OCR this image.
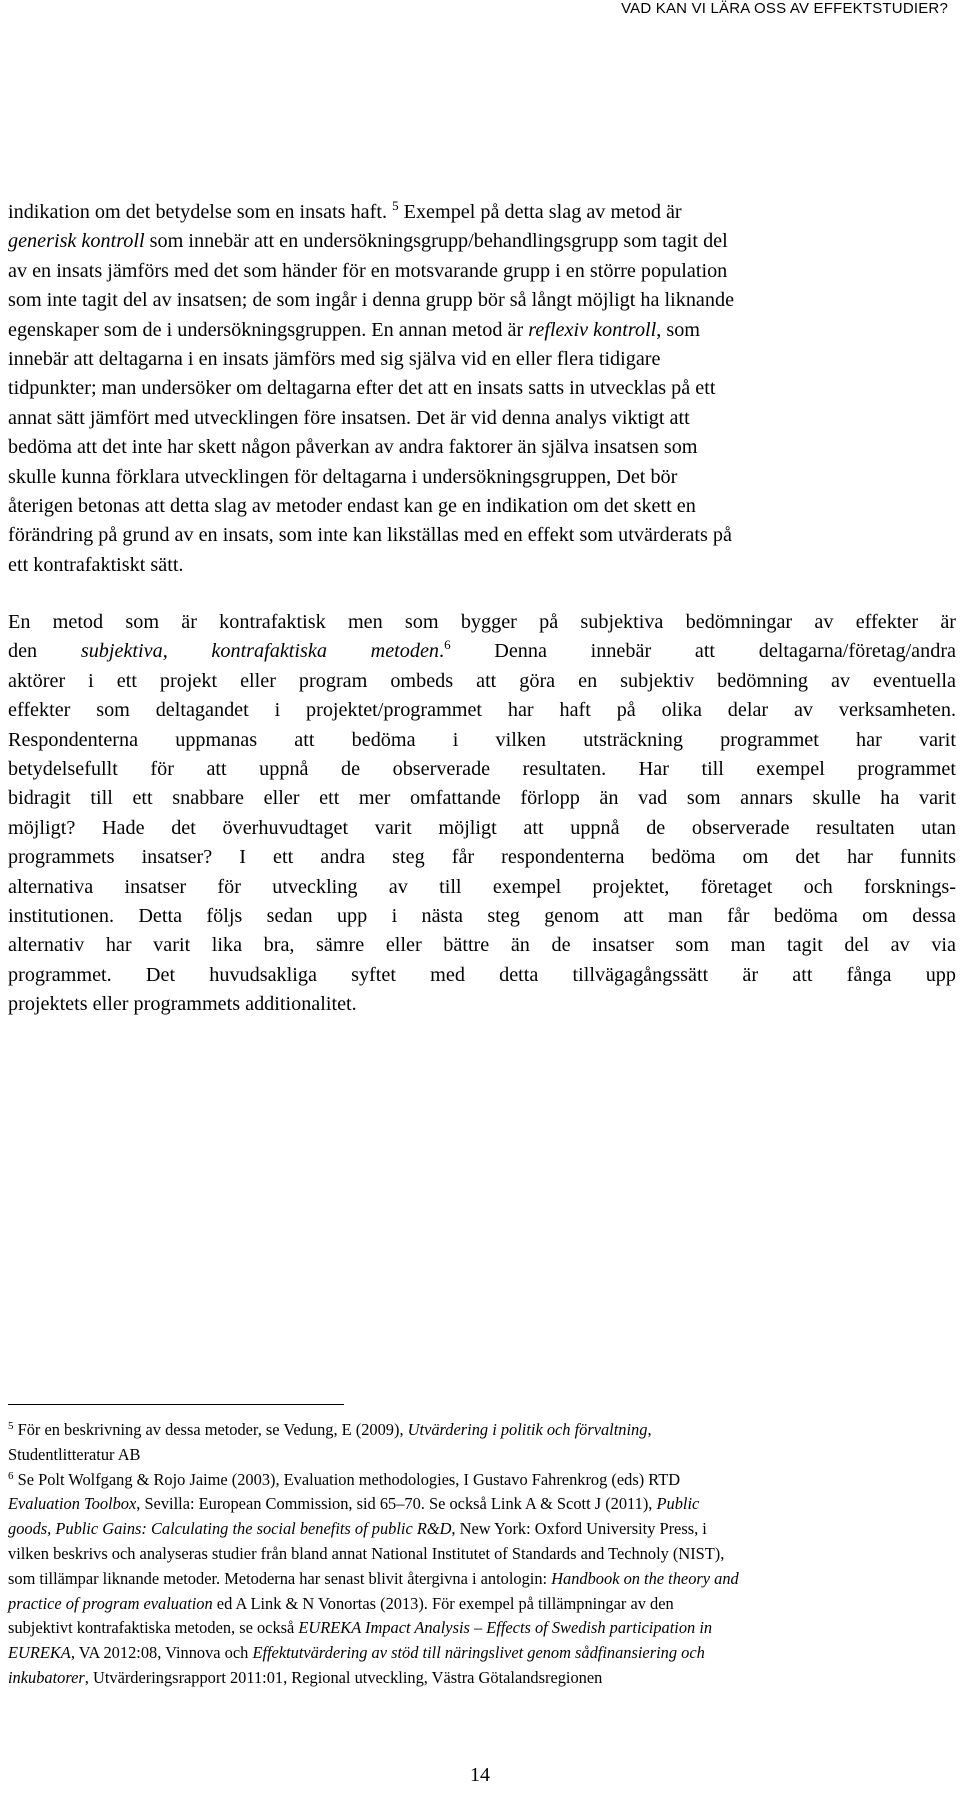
VAD KAN VI LÄRA OSS AV EFFEKTSTUDIER?
indikation om det betydelse som en insats haft. $^5$ Exempel på detta slag av metod är
generisk kontroll som innebär att en undersökningsgrupp/behandlingsgrupp som tagit del
av en insats jämförs med det som händer för en motsvarande grupp i en större population
som inte tagit del av insatsen; de som ingår i denna grupp bör så långt möjligt ha liknande
egenskaper som de i undersökningsgruppen. En annan metod är reflexiv kontroll, som
innebär att deltagarna i en insats jämförs med sig själva vid en eller flera tidigare
tidpunkter; man undersöker om deltagarna efter det att en insats satts in utvecklas på ett
annat sätt jämfört med utvecklingen före insatsen. Det är vid denna analys viktigt att
bedöma att det inte har skett någon påverkan av andra faktorer än själva insatsen som
skulle kunna förklara utvecklingen för deltagarna i undersökningsgruppen, Det bör
återigen betonas att detta slag av metoder endast kan ge en indikation om det skett en
förändring på grund av en insats, som inte kan likställas med en effekt som utvärderats på
ett kontrafaktiskt sätt.
En metod som är kontrafaktisk men som bygger på subjektiva bedömningar av effekter är
den subjektiva, kontrafaktiska metoden.$^6$ Denna innebär att deltagarna/företag/andra
aktörer i ett projekt eller program ombeds att göra en subjektiv bedömning av eventuella
effekter som deltagandet i projektet/programmet har haft på olika delar av verksamheten.
Respondenterna uppmanas att bedöma i vilken utsträckning programmet har varit
betydelsefullt för att uppnå de observerade resultaten. Har till exempel programmet
bidragit till ett snabbare eller ett mer omfattande förlopp än vad som annars skulle ha varit
möjligt? Hade det överhuvudtaget varit möjligt att uppnå de observerade resultaten utan
programmets insatser? I ett andra steg får respondenterna bedöma om det har funnits
alternativa insatser för utveckling av till exempel projektet, företaget och forsknings-
institutionen. Detta följs sedan upp i nästa steg genom att man får bedöma om dessa
alternativ har varit lika bra, sämre eller bättre än de insatser som man tagit del av via
programmet. Det huvudsakliga syftet med detta tillvägagångssätt är att fånga upp
projektets eller programmets additionalitet.
$^5$ För en beskrivning av dessa metoder, se Vedung, E (2009), Utvärdering i politik och förvaltning,
Studentlitteratur AB
$^6$ Se Polt Wolfgang & Rojo Jaime (2003), Evaluation methodologies, I Gustavo Fahrenkrog (eds) RTD
Evaluation Toolbox, Sevilla: European Commission, sid 65–70. Se också Link A & Scott J (2011), Public
goods, Public Gains: Calculating the social benefits of public R&D, New York: Oxford University Press, i
vilken beskrivs och analyseras studier från bland annat National Institutet of Standards and Technoly (NIST),
som tillämpar liknande metoder. Metoderna har senast blivit återgivna i antologin: Handbook on the theory and
practice of program evaluation ed A Link & N Vonortas (2013). För exempel på tillämpningar av den
subjektivt kontrafaktiska metoden, se också EUREKA Impact Analysis – Effects of Swedish participation in
EUREKA, VA 2012:08, Vinnova och Effektutvärdering av stöd till näringslivet genom sådfinansiering och
inkubatorer, Utvärderingsrapport 2011:01, Regional utveckling, Västra Götalandsregionen
14
